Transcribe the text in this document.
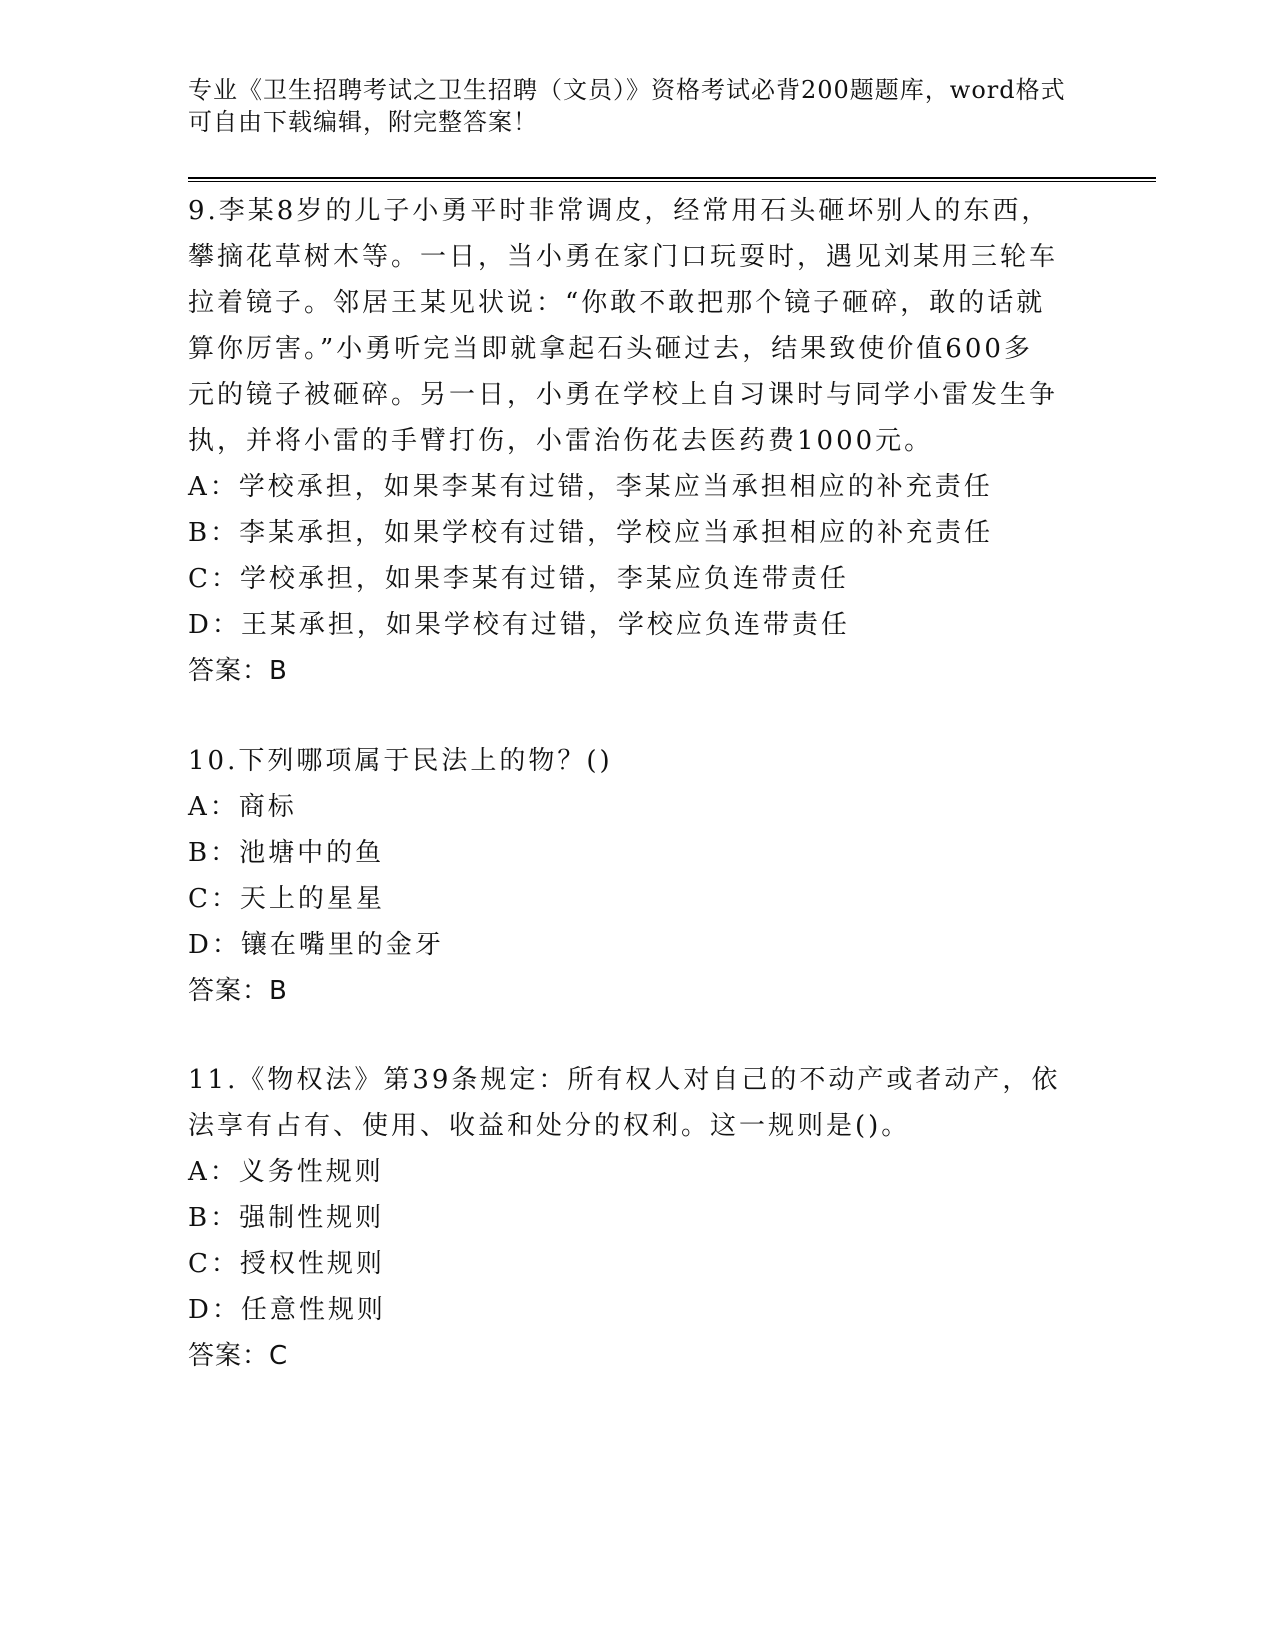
专业《卫生招聘考试之卫生招聘（文员）》资格考试必背200题题库，word格式
可自由下载编辑，附完整答案！
9.李某8岁的儿子小勇平时非常调皮，经常用石头砸坏别人的东西，
攀摘花草树木等。一日，当小勇在家门口玩耍时，遇见刘某用三轮车
拉着镜子。邻居王某见状说：“你敢不敢把那个镜子砸碎，敢的话就
算你厉害。”小勇听完当即就拿起石头砸过去，结果致使价值600多
元的镜子被砸碎。另一日，小勇在学校上自习课时与同学小雷发生争
执，并将小雷的手臂打伤，小雷治伤花去医药费1000元。
A：学校承担，如果李某有过错，李某应当承担相应的补充责任
B：李某承担，如果学校有过错，学校应当承担相应的补充责任
C：学校承担，如果李某有过错，李某应负连带责任
D：王某承担，如果学校有过错，学校应负连带责任
答案：B
10.下列哪项属于民法上的物？()
A：商标
B：池塘中的鱼
C：天上的星星
D：镶在嘴里的金牙
答案：B
11.《物权法》第39条规定：所有权人对自己的不动产或者动产，依
法享有占有、使用、收益和处分的权利。这一规则是()。
A：义务性规则
B：强制性规则
C：授权性规则
D：任意性规则
答案：C
